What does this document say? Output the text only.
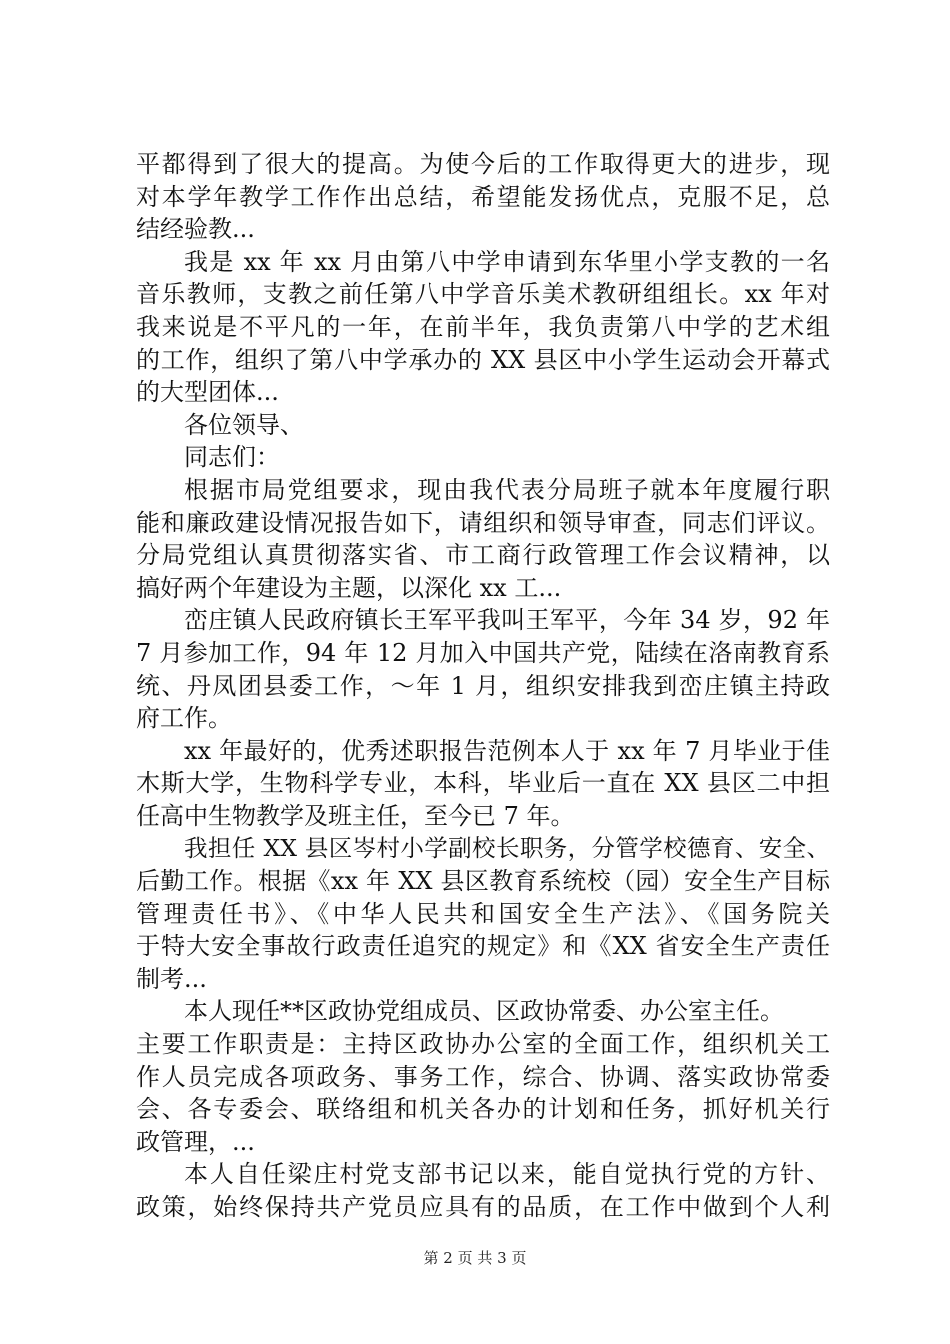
平都得到了很大的提高。为使今后的工作取得更大的进步，现
对本学年教学工作作出总结，希望能发扬优点，克服不足，总
结经验教...
我是 xx 年 xx 月由第八中学申请到东华里小学支教的一名
音乐教师，支教之前任第八中学音乐美术教研组组长。xx 年对
我来说是不平凡的一年，在前半年，我负责第八中学的艺术组
的工作，组织了第八中学承办的 XX 县区中小学生运动会开幕式
的大型团体...
各位领导、
同志们：
根据市局党组要求，现由我代表分局班子就本年度履行职
能和廉政建设情况报告如下，请组织和领导审查，同志们评议。
分局党组认真贯彻落实省、市工商行政管理工作会议精神，以
搞好两个年建设为主题，以深化 xx 工...
峦庄镇人民政府镇长王军平我叫王军平，今年 34 岁，92 年
7 月参加工作，94 年 12 月加入中国共产党，陆续在洛南教育系
统、丹凤团县委工作，～年 1 月，组织安排我到峦庄镇主持政
府工作。
xx 年最好的，优秀述职报告范例本人于 xx 年 7 月毕业于佳
木斯大学，生物科学专业，本科，毕业后一直在 XX 县区二中担
任高中生物教学及班主任，至今已 7 年。
我担任 XX 县区岑村小学副校长职务，分管学校德育、安全、
后勤工作。根据《xx 年 XX 县区教育系统校（园）安全生产目标
管理责任书》、《中华人民共和国安全生产法》、《国务院关
于特大安全事故行政责任追究的规定》和《XX 省安全生产责任
制考...
本人现任**区政协党组成员、区政协常委、办公室主任。
主要工作职责是：主持区政协办公室的全面工作，组织机关工
作人员完成各项政务、事务工作，综合、协调、落实政协常委
会、各专委会、联络组和机关各办的计划和任务，抓好机关行
政管理，...
本人自任梁庄村党支部书记以来，能自觉执行党的方针、
政策，始终保持共产党员应具有的品质，在工作中做到个人利
第 2 页 共 3 页
